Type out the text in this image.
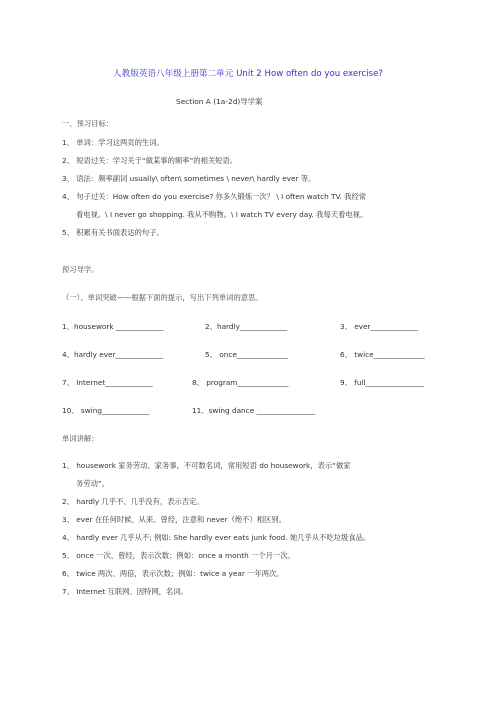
人教版英语八年级上册第二单元 Unit 2 How often do you exercise?
Section A (1a-2d)导学案
一、预习目标：
1、 单词：学习这两页的生词。
2、 短语过关：学习关于“做某事的频率”的相关短语。
3、 语法：频率副词 usually\ often\ sometimes \ never\ hardly ever 等。
4、 句子过关：How often do you exercise? 你多久锻炼一次？ \ I often watch TV. 我经常
看电视。\ I never go shopping. 我从不购物。\ I watch TV every day. 我每天看电视。
5、 积累有关书面表达的句子。
预习导学。
（一）、单词突破——根据下面的提示，写出下列单词的意思。
1、housework _____________	2、hardly_____________	3、 ever_____________
4、hardly ever_____________	5、 once______________	6、 twice______________
7、 Internet_____________	8、 program______________	9、 full________________
10、 swing_____________	11、swing dance ________________
单词讲解：
1、 housework 家务劳动、家务事，不可数名词，常用短语 do housework，表示“做家
务劳动”。
2、 hardly 几乎不、几乎没有，表示否定。
3、 ever 在任何时候、从来、曾经，注意和 never（绝不）相区别。
4、 hardly ever 几乎从不; 例如: She hardly ever eats junk food. 她几乎从不吃垃圾食品。
5、 once 一次、曾经，表示次数；例如：once a month 一个月一次。
6、 twice 两次、两倍，表示次数；例如：twice a year 一年两次。
7、 Internet 互联网、因特网，名词。
